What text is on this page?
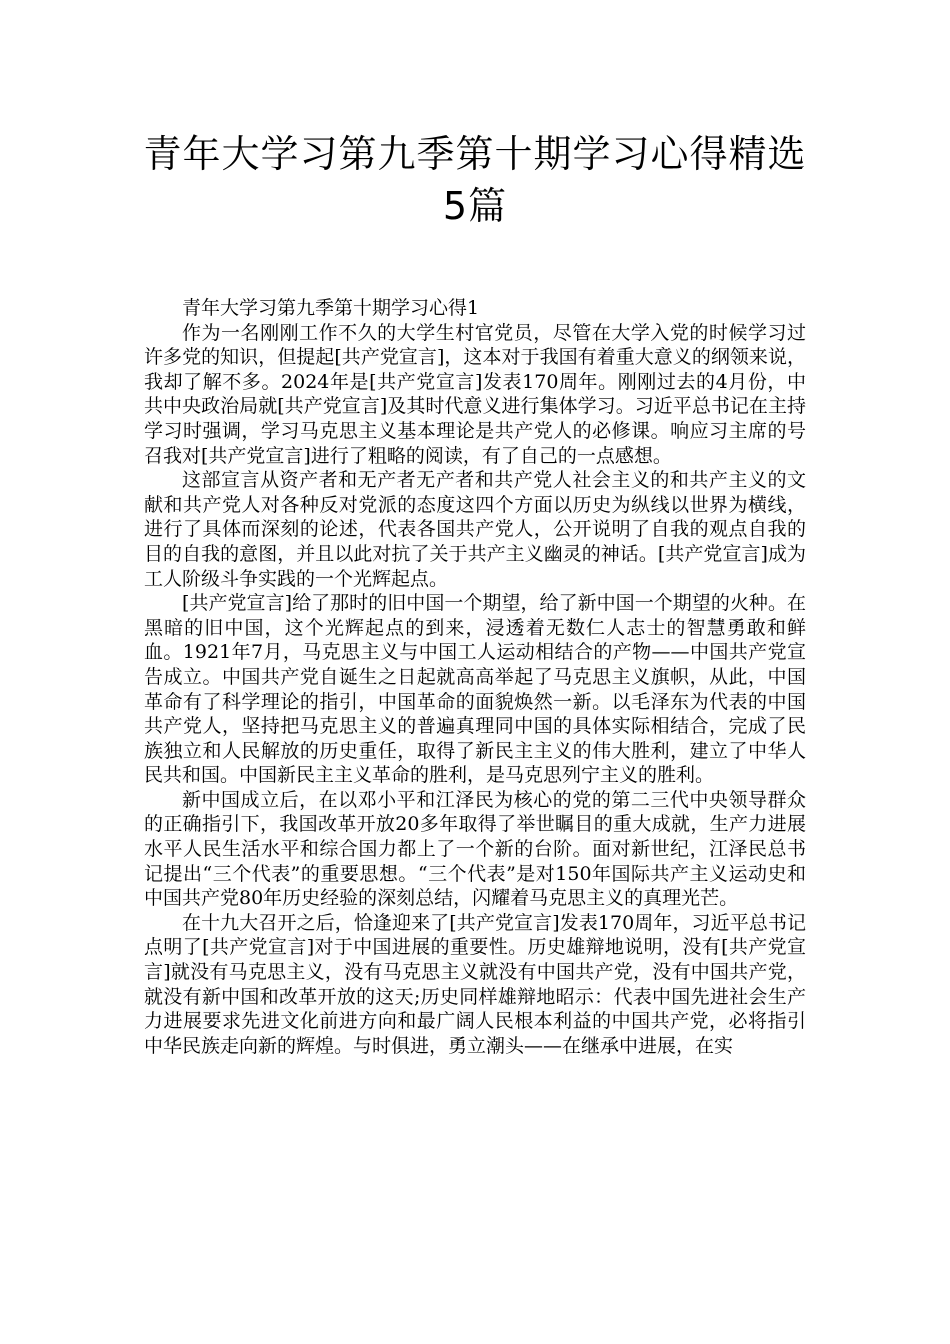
青年大学习第九季第十期学习心得精选
5篇

青年大学习第九季第十期学习心得1

作为一名刚刚工作不久的大学生村官党员，尽管在大学入党的时候学习过许多党的知识，但提起[共产党宣言]，这本对于我国有着重大意义的纲领来说，我却了解不多。2024年是[共产党宣言]发表170周年。刚刚过去的4月份，中共中央政治局就[共产党宣言]及其时代意义进行集体学习。习近平总书记在主持学习时强调，学习马克思主义基本理论是共产党人的必修课。响应习主席的号召我对[共产党宣言]进行了粗略的阅读，有了自己的一点感想。

这部宣言从资产者和无产者无产者和共产党人社会主义的和共产主义的文献和共产党人对各种反对党派的态度这四个方面以历史为纵线以世界为横线，进行了具体而深刻的论述，代表各国共产党人，公开说明了自我的观点自我的目的自我的意图，并且以此对抗了关于共产主义幽灵的神话。[共产党宣言]成为工人阶级斗争实践的一个光辉起点。

[共产党宣言]给了那时的旧中国一个期望，给了新中国一个期望的火种。在黑暗的旧中国，这个光辉起点的到来，浸透着无数仁人志士的智慧勇敢和鲜血。1921年7月，马克思主义与中国工人运动相结合的产物——中国共产党宣告成立。中国共产党自诞生之日起就高高举起了马克思主义旗帜，从此，中国革命有了科学理论的指引，中国革命的面貌焕然一新。以毛泽东为代表的中国共产党人，坚持把马克思主义的普遍真理同中国的具体实际相结合，完成了民族独立和人民解放的历史重任，取得了新民主主义的伟大胜利，建立了中华人民共和国。中国新民主主义革命的胜利，是马克思列宁主义的胜利。

新中国成立后，在以邓小平和江泽民为核心的党的第二三代中央领导群众的正确指引下，我国改革开放20多年取得了举世瞩目的重大成就，生产力进展水平人民生活水平和综合国力都上了一个新的台阶。面对新世纪，江泽民总书记提出“三个代表”的重要思想。“三个代表”是对150年国际共产主义运动史和中国共产党80年历史经验的深刻总结，闪耀着马克思主义的真理光芒。

在十九大召开之后，恰逢迎来了[共产党宣言]发表170周年，习近平总书记点明了[共产党宣言]对于中国进展的重要性。历史雄辩地说明，没有[共产党宣言]就没有马克思主义，没有马克思主义就没有中国共产党，没有中国共产党，就没有新中国和改革开放的这天;历史同样雄辩地昭示：代表中国先进社会生产力进展要求先进文化前进方向和最广阔人民根本利益的中国共产党，必将指引中华民族走向新的辉煌。与时俱进，勇立潮头——在继承中进展，在实
